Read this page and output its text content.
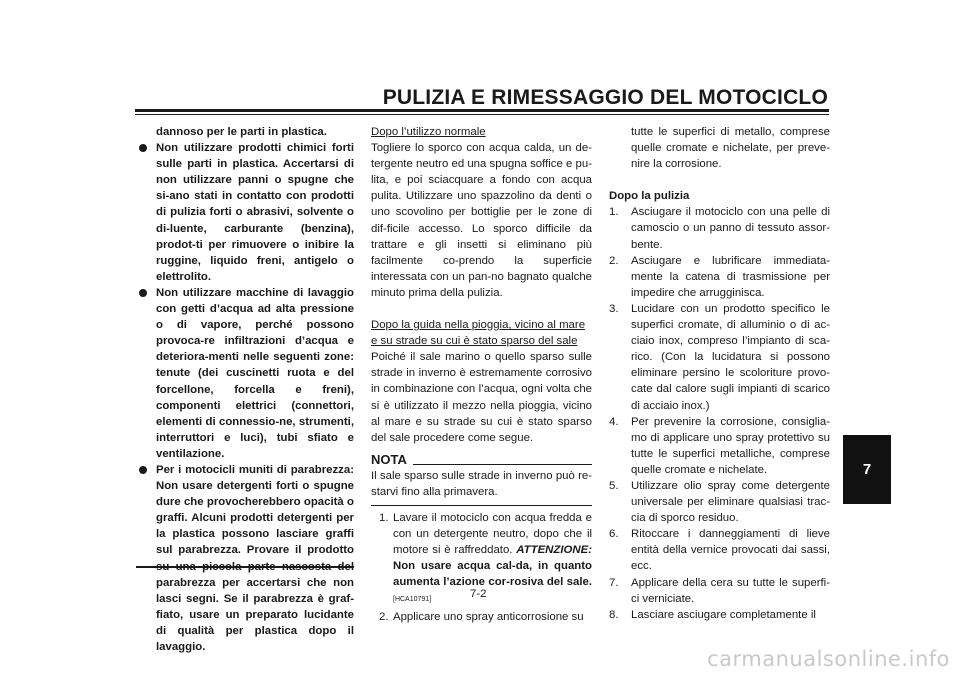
PULIZIA E RIMESSAGGIO DEL MOTOCICLO
7

dannoso per le parti in plastica.

Non utilizzare prodotti chimici forti sulle parti in plastica. Accertarsi di non utilizzare panni o spugne che si-ano stati in contatto con prodotti di pulizia forti o abrasivi, solvente o di-luente, carburante (benzina), prodot-ti per rimuovere o inibire la ruggine, liquido freni, antigelo o elettrolito.
Non utilizzare macchine di lavaggio con getti d’acqua ad alta pressione o di vapore, perché possono provoca-re infiltrazioni d’acqua e deteriora-menti nelle seguenti zone: tenute (dei cuscinetti ruota e del forcellone, forcella e freni), componenti elettrici (connettori, elementi di connessio-ne, strumenti, interruttori e luci), tubi sfiato e ventilazione.
Per i motocicli muniti di parabrezza: Non usare detergenti forti o spugne dure che provocherebbero opacità o graffi. Alcuni prodotti detergenti per la plastica possono lasciare graffi sul parabrezza. Provare il prodotto parabrezza per accertarsi che non lasci segni. Se il parabrezza è graf-fiato, usare un preparato lucidante di qualità per plastica dopo il lavaggio.

Dopo l’utilizzo normale

Togliere lo sporco con acqua calda, un de-tergente neutro ed una spugna soffice e pu-lita, e poi sciacquare a fondo con acqua pulita. Utilizzare uno spazzolino da denti o uno scovolino per bottiglie per le zone di dif-ficile accesso. Lo sporco difficile da trattare e gli insetti si eliminano più facilmente co-prendo la superficie interessata con un pan-no bagnato qualche minuto prima della pulizia.

Dopo la guida nella pioggia, vicino al mare

e su strade su cui è stato sparso del sale

Poiché il sale marino o quello sparso sulle strade in inverno è estremamente corrosivo in combinazione con l’acqua, ogni volta che si è utilizzato il mezzo nella pioggia, vicino al mare e su strade su cui è stato sparso del sale procedere come segue.

NOTA

Il sale sparso sulle strade in inverno può re-starvi fino alla primavera.

1. Lavare il motociclo con acqua fredda e con un detergente neutro, dopo che il motore si è raffreddato. ATTENZIONE: Non usare acqua cal-da, in quanto aumenta l’azione cor-rosiva del sale.[HCA10791]
2. Applicare uno spray anticorrosione su

tutte le superfici di metallo, comprese quelle cromate e nichelate, per preve-nire la corrosione.

Dopo la pulizia

1. Asciugare il motociclo con una pelle di camoscio o un panno di tessuto assor-bente.
2. Asciugare e lubrificare immediata-mente la catena di trasmissione per impedire che arrugginisca.
3. Lucidare con un prodotto specifico le superfici cromate, di alluminio o di ac-ciaio inox, compreso l’impianto di sca-rico. (Con la lucidatura si possono eliminare persino le scoloriture provo-cate dal calore sugli impianti di scarico di acciaio inox.)
4. Per prevenire la corrosione, consiglia-mo di applicare uno spray protettivo su tutte le superfici metalliche, comprese quelle cromate e nichelate.
5. Utilizzare olio spray come detergente universale per eliminare qualsiasi trac-cia di sporco residuo.
6. Ritoccare i danneggiamenti di lieve entità della vernice provocati dai sassi, ecc.
7. Applicare della cera su tutte le superfi-ci verniciate.
8. Lasciare asciugare completamente il
7-2
carmanualsonline.info
